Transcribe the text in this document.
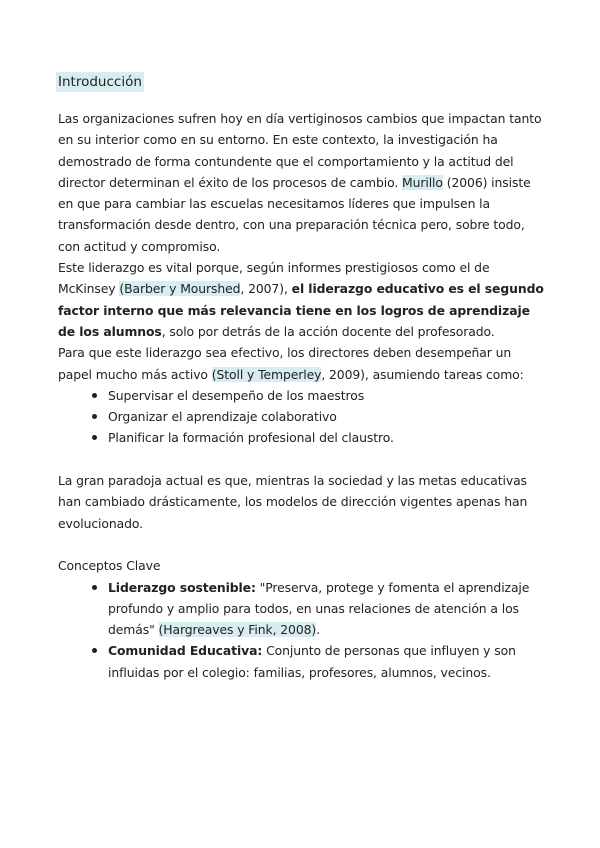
Introducción

Las organizaciones sufren hoy en día vertiginosos cambios que impactan tanto en su interior como en su entorno. En este contexto, la investigación ha demostrado de forma contundente que el comportamiento y la actitud del director determinan el éxito de los procesos de cambio. Murillo (2006) insiste en que para cambiar las escuelas necesitamos líderes que impulsen la transformación desde dentro, con una preparación técnica pero, sobre todo, con actitud y compromiso.

Este liderazgo es vital porque, según informes prestigiosos como el de McKinsey (Barber y Mourshed, 2007), el liderazgo educativo es el segundo factor interno que más relevancia tiene en los logros de aprendizaje de los alumnos, solo por detrás de la acción docente del profesorado.

Para que este liderazgo sea efectivo, los directores deben desempeñar un papel mucho más activo (Stoll y Temperley, 2009), asumiendo tareas como:

Supervisar el desempeño de los maestros
Organizar el aprendizaje colaborativo
Planificar la formación profesional del claustro.

La gran paradoja actual es que, mientras la sociedad y las metas educativas han cambiado drásticamente, los modelos de dirección vigentes apenas han evolucionado.

Conceptos Clave

Liderazgo sostenible: "Preserva, protege y fomenta el aprendizaje profundo y amplio para todos, en unas relaciones de atención a los demás" (Hargreaves y Fink, 2008).
Comunidad Educativa: Conjunto de personas que influyen y son influidas por el colegio: familias, profesores, alumnos, vecinos.
